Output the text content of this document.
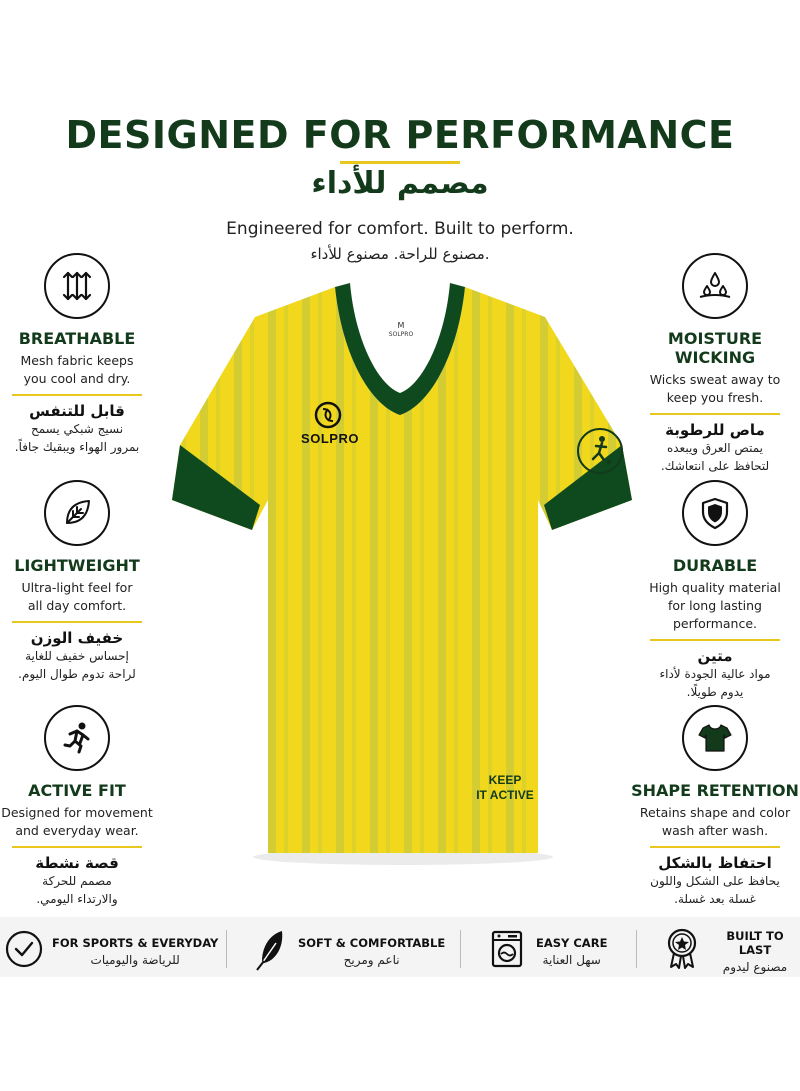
DESIGNED FOR PERFORMANCE
مصمم للأداء
Engineered for comfort. Built to perform.
مصنوع للراحة. مصنوع للأداء.
BREATHABLE
Mesh fabric keeps
you cool and dry.
قابل للتنفس
نسيج شبكي يسمح
بمرور الهواء ويبقيك جافاً.
LIGHTWEIGHT
Ultra-light feel for
all day comfort.
خفيف الوزن
إحساس خفيف للغاية
لراحة تدوم طوال اليوم.
ACTIVE FIT
Designed for movement
and everyday wear.
قصة نشطة
مصمم للحركة
والارتداء اليومي.
MOISTURE WICKING
Wicks sweat away to
keep you fresh.
ماص للرطوبة
يمتص العرق ويبعده
لتحافظ على انتعاشك.
DURABLE
High quality material
for long lasting
performance.
متين
مواد عالية الجودة لأداء
يدوم طويلًا.
SHAPE RETENTION
Retains shape and color
wash after wash.
احتفاظ بالشكل
يحافظ على الشكل واللون
غسلة بعد غسلة.
M
SOLPRO
SOLPRO
KEEP
IT ACTIVE
FOR SPORTS & EVERYDAY
للرياضة واليوميات
SOFT & COMFORTABLE
ناعم ومريح
EASY CARE
سهل العناية
BUILT TO LAST
مصنوع ليدوم
